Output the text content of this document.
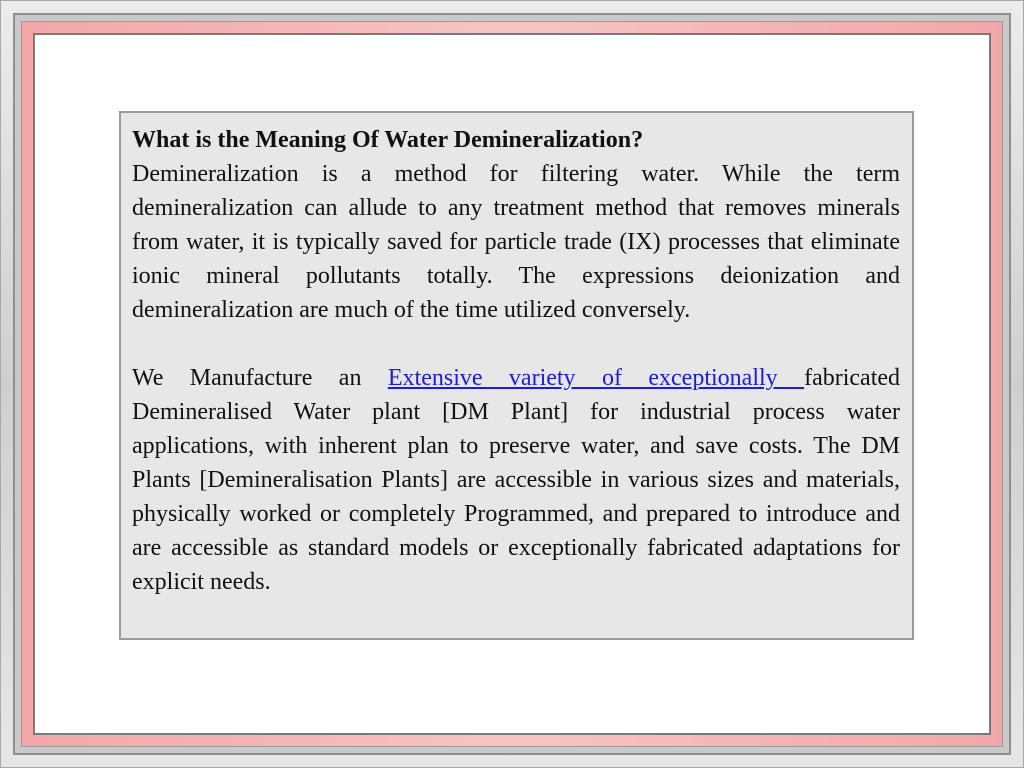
What is the Meaning Of Water Demineralization?
Demineralization is a method for filtering water. While the term demineralization can allude to any treatment method that removes minerals from water, it is typically saved for particle trade (IX) processes that eliminate ionic mineral pollutants totally. The expressions deionization and demineralization are much of the time utilized conversely.
We Manufacture an Extensive variety of exceptionally fabricated Demineralised Water plant [DM Plant] for industrial process water applications, with inherent plan to preserve water, and save costs. The DM Plants [Demineralisation Plants] are accessible in various sizes and materials, physically worked or completely Programmed, and prepared to introduce and are accessible as standard models or exceptionally fabricated adaptations for explicit needs.
